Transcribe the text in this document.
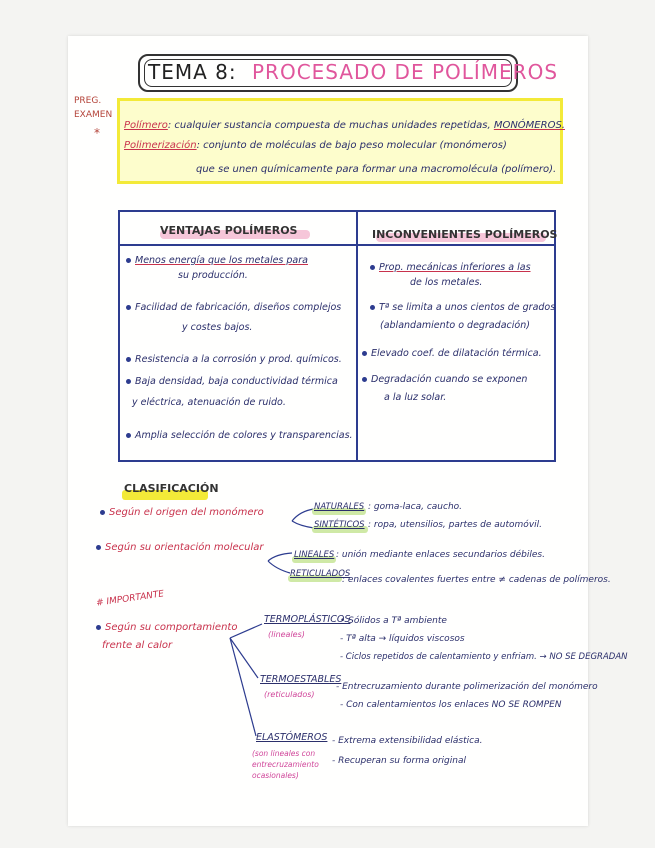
TEMA 8: PROCESADO DE POLÍMEROS
PREG.
EXAMEN
*
Polímero: cualquier sustancia compuesta de muchas unidades repetidas, MONÓMEROS.
Polimerización: conjunto de moléculas de bajo peso molecular (monómeros)
que se unen químicamente para formar una macromolécula (polímero).
VENTAJAS POLÍMEROS	INCONVENIENTES POLÍMEROS
Menos energía que los metales para
su producción.
Facilidad de fabricación, diseños complejos
y costes bajos.
Resistencia a la corrosión y prod. químicos.
Baja densidad, baja conductividad térmica
y eléctrica, atenuación de ruido.
Amplia selección de colores y transparencias.
Prop. mecánicas inferiores a las
de los metales.
Tª se limita a unos cientos de grados
(ablandamiento o degradación)
Elevado coef. de dilatación térmica.
Degradación cuando se exponen
a la luz solar.
CLASIFICACIÓN
Según el origen del monómero	NATURALES : goma-laca, caucho.
SINTÉTICOS : ropa, utensilios, partes de automóvil.
Según su orientación molecular
LINEALES : unión mediante enlaces secundarios débiles.
RETICULADOS
: enlaces covalentes fuertes entre ≠ cadenas de polímeros.
# IMPORTANTE
Según su comportamiento
frente al calor
TERMOPLÁSTICOS
(lineales)
• Sólidos a Tª ambiente
- Tª alta → líquidos viscosos
- Ciclos repetidos de calentamiento y enfriam. → NO SE DEGRADAN
TERMOESTABLES
(reticulados)
- Entrecruzamiento durante polimerización del monómero
- Con calentamientos los enlaces NO SE ROMPEN
ELASTÓMEROS
(son lineales con entrecruzamiento ocasionales)
- Extrema extensibilidad elástica.
- Recuperan su forma original
